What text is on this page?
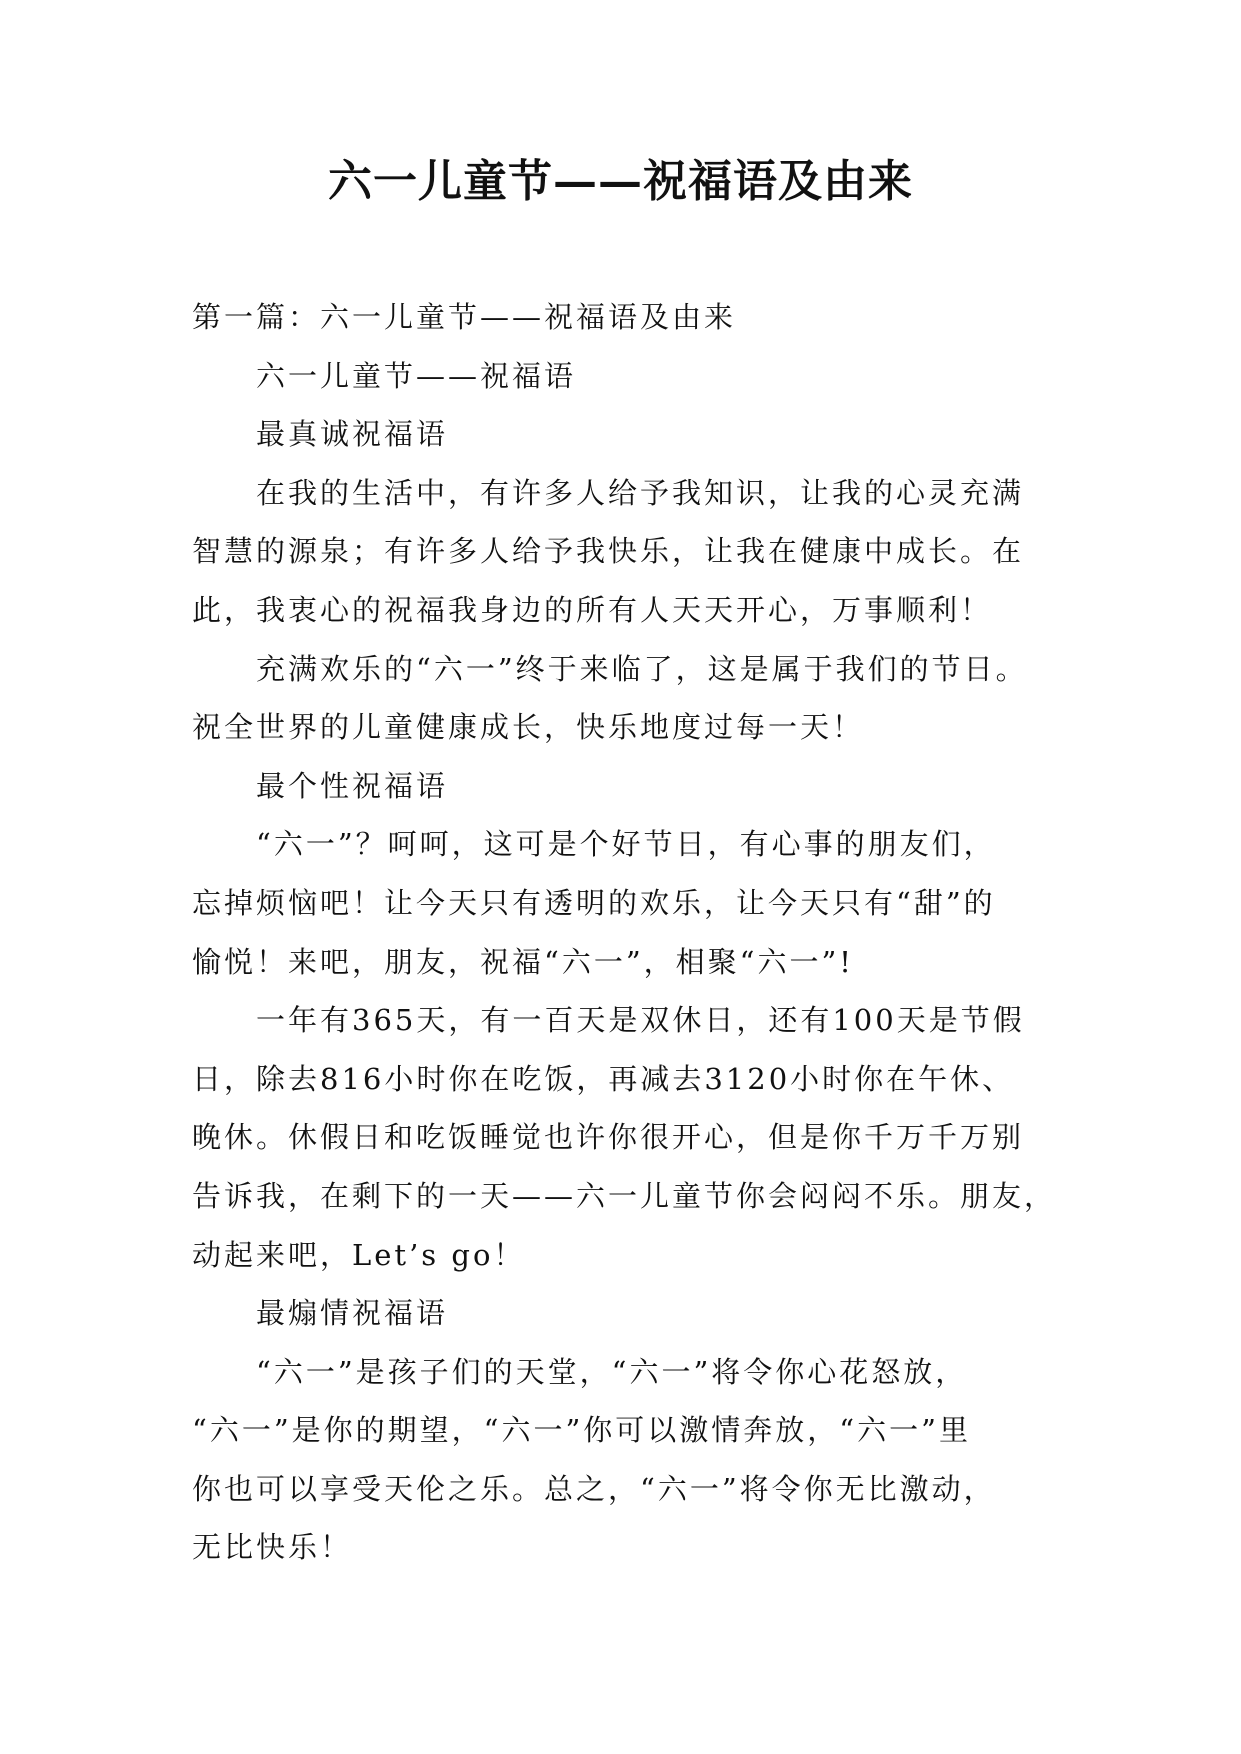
六一儿童节——祝福语及由来

第一篇：六一儿童节——祝福语及由来

六一儿童节——祝福语

最真诚祝福语

在我的生活中，有许多人给予我知识，让我的心灵充满

智慧的源泉；有许多人给予我快乐，让我在健康中成长。在

此，我衷心的祝福我身边的所有人天天开心，万事顺利！

充满欢乐的“六一”终于来临了，这是属于我们的节日。

祝全世界的儿童健康成长，快乐地度过每一天！

最个性祝福语

“六一”？呵呵，这可是个好节日，有心事的朋友们，

忘掉烦恼吧！让今天只有透明的欢乐，让今天只有“甜”的

愉悦！来吧，朋友，祝福“六一”，相聚“六一”!

一年有365天，有一百天是双休日，还有100天是节假

日，除去816小时你在吃饭，再减去3120小时你在午休、

晚休。休假日和吃饭睡觉也许你很开心，但是你千万千万别

告诉我，在剩下的一天——六一儿童节你会闷闷不乐。朋友，

动起来吧，Let’s go！

最煽情祝福语

“六一”是孩子们的天堂，“六一”将令你心花怒放，

“六一”是你的期望，“六一”你可以激情奔放，“六一”里

你也可以享受天伦之乐。总之，“六一”将令你无比激动，

无比快乐！
